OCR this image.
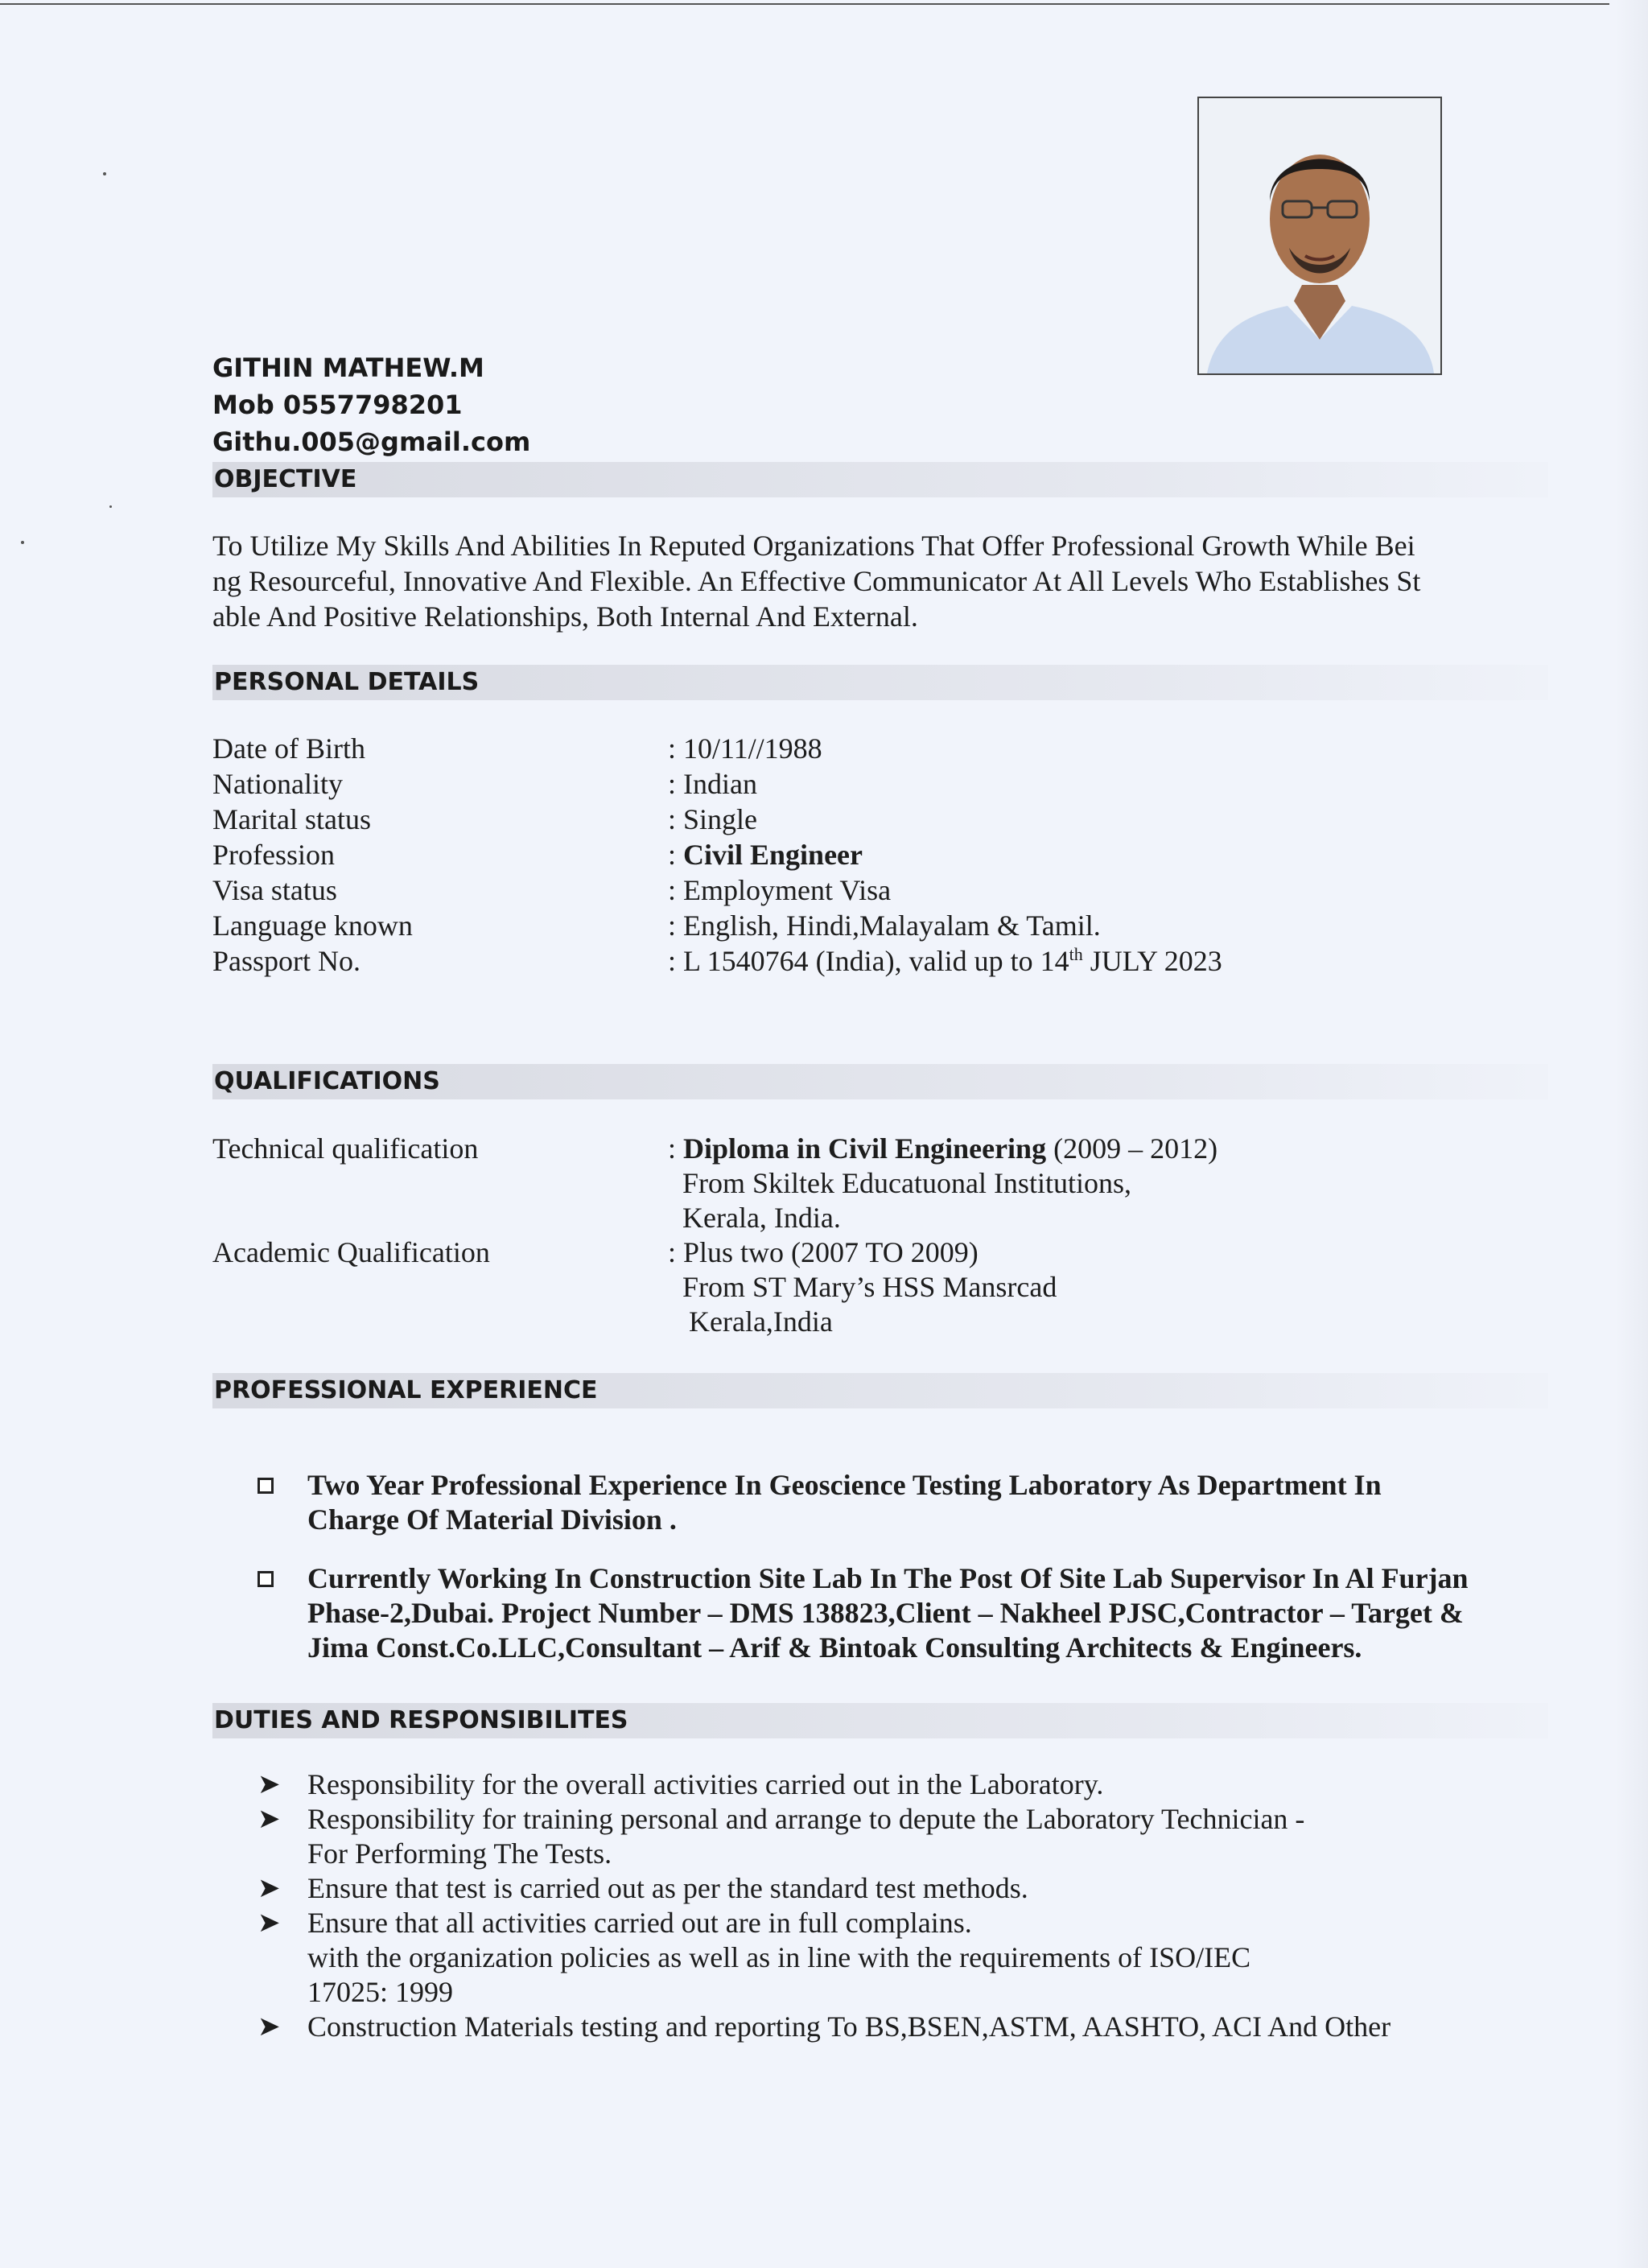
GITHIN MATHEW.M
Mob 0557798201
Githu.005@gmail.com
OBJECTIVE
To Utilize My Skills And Abilities In Reputed Organizations That Offer Professional Growth While Bei
ng Resourceful, Innovative And Flexible. An Effective Communicator At All Levels Who Establishes St
able And Positive Relationships, Both Internal And External.
PERSONAL DETAILS
Date of Birth	: 10/11//1988
Nationality	: Indian
Marital status	: Single
Profession	: Civil Engineer
Visa status	: Employment Visa
Language known	: English, Hindi,Malayalam & Tamil.
Passport No.	: L 1540764 (India), valid up to 14th JULY 2023
QUALIFICATIONS
Technical qualification	: Diploma in Civil Engineering (2009 – 2012)
From Skiltek Educatuonal Institutions,
Kerala, India.
Academic Qualification	: Plus two (2007 TO 2009)
From ST Mary’s HSS Mansrcad
Kerala,India
PROFESSIONAL EXPERIENCE
Two Year Professional Experience In Geoscience Testing Laboratory As Department In
Charge Of Material Division .
Currently Working In Construction Site Lab In The Post Of Site Lab Supervisor In Al Furjan
Phase-2,Dubai. Project Number – DMS 138823,Client – Nakheel PJSC,Contractor – Target &
Jima Const.Co.LLC,Consultant – Arif & Bintoak Consulting Architects & Engineers.
DUTIES AND RESPONSIBILITES
➤ Responsibility for the overall activities carried out in the Laboratory.
➤ Responsibility for training personal and arrange to depute the Laboratory Technician -
For Performing The Tests.
➤ Ensure that test is carried out as per the standard test methods.
➤ Ensure that all activities carried out are in full complains.
with the organization policies as well as in line with the requirements of ISO/IEC
17025: 1999
➤ Construction Materials testing and reporting To BS,BSEN,ASTM, AASHTO, ACI And Other
